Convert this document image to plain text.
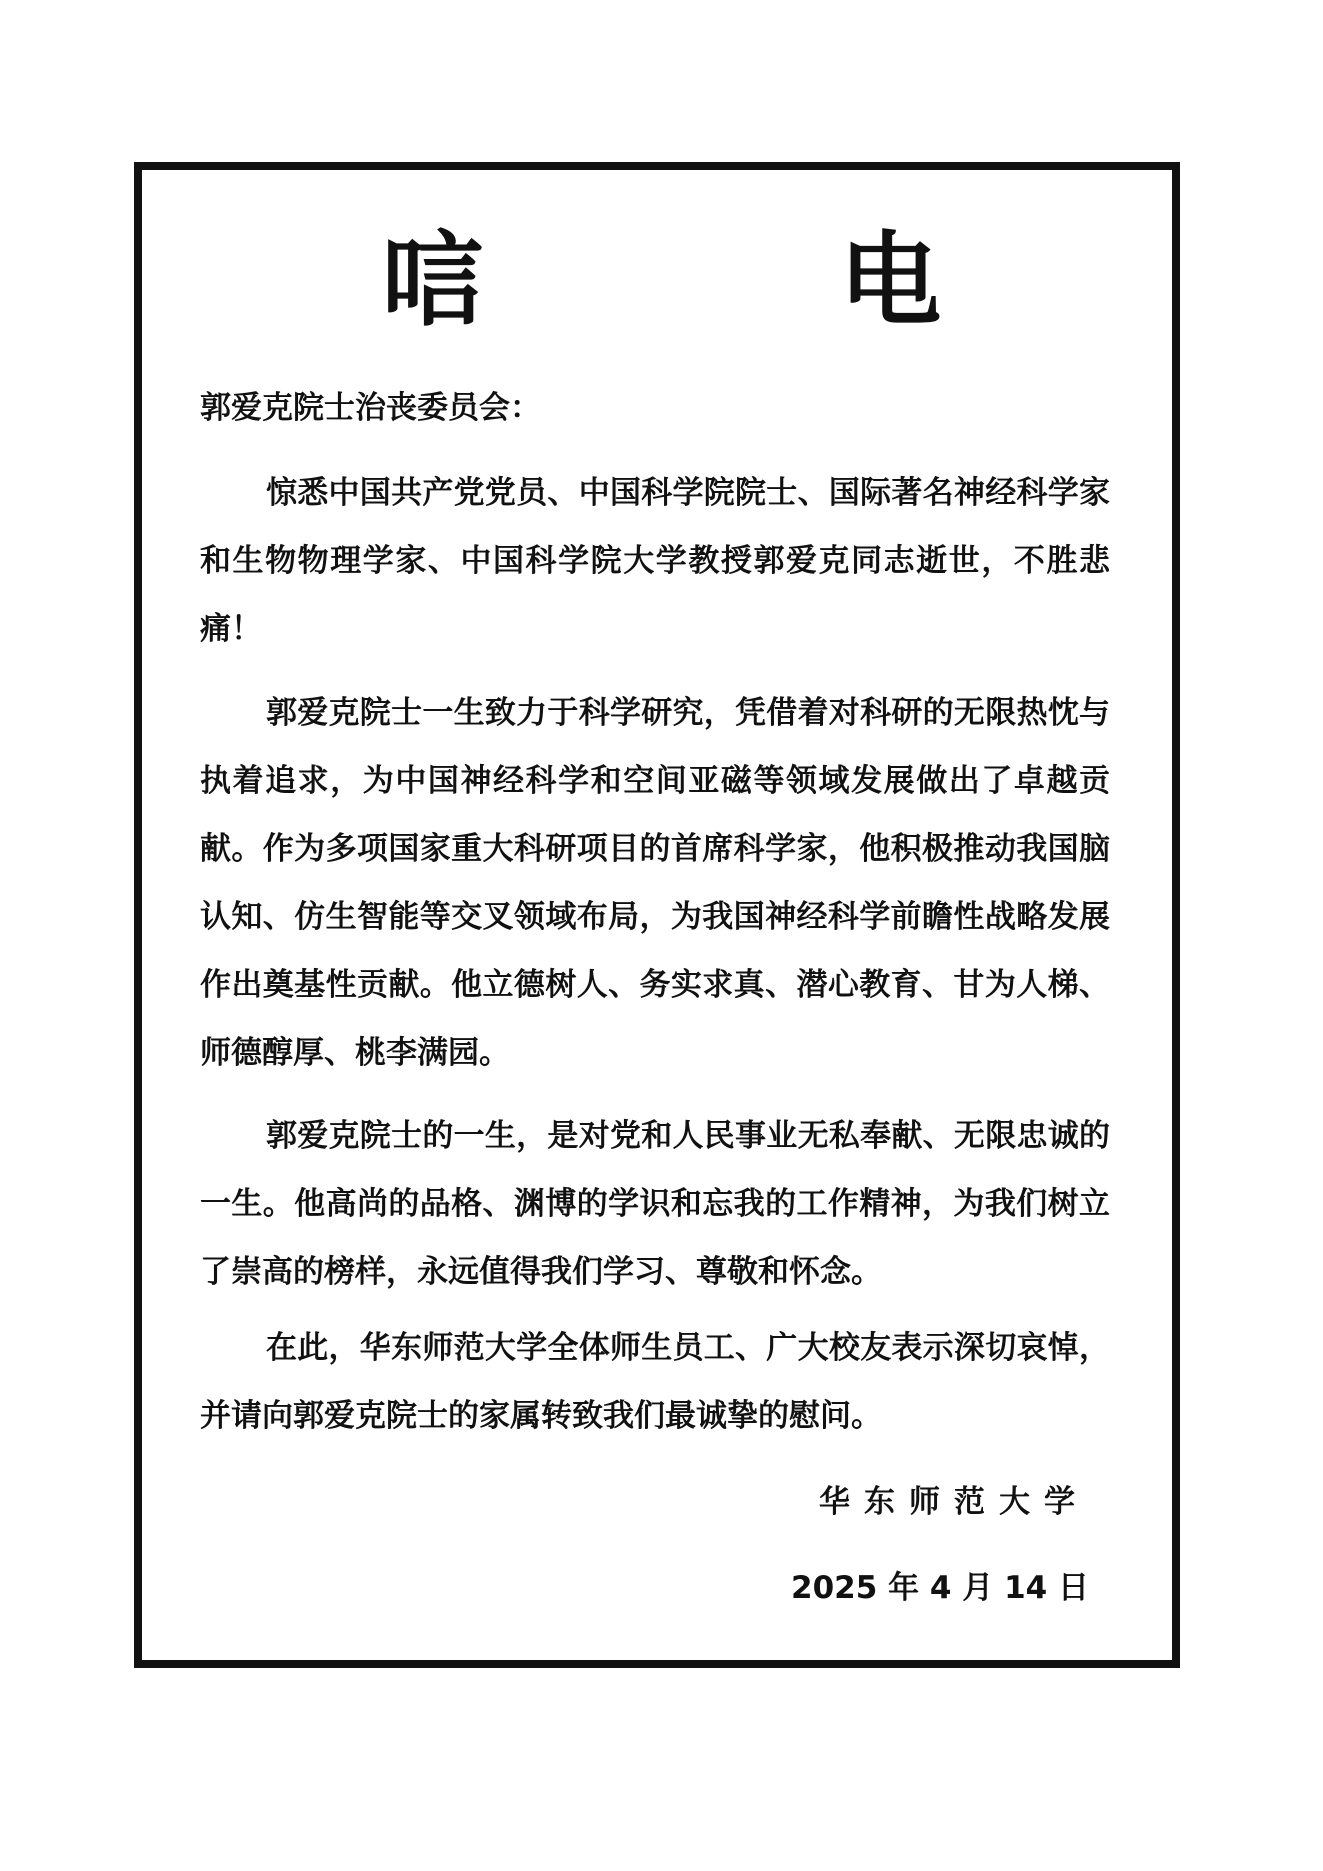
唁 电

郭爱克院士治丧委员会：

惊悉中国共产党党员、中国科学院院士、国际著名神经科学家和生物物理学家、中国科学院大学教授郭爱克同志逝世，不胜悲痛！

郭爱克院士一生致力于科学研究，凭借着对科研的无限热忱与执着追求，为中国神经科学和空间亚磁等领域发展做出了卓越贡献。作为多项国家重大科研项目的首席科学家，他积极推动我国脑认知、仿生智能等交叉领域布局，为我国神经科学前瞻性战略发展作出奠基性贡献。他立德树人、务实求真、潜心教育、甘为人梯、师德醇厚、桃李满园。

郭爱克院士的一生，是对党和人民事业无私奉献、无限忠诚的一生。他高尚的品格、渊博的学识和忘我的工作精神，为我们树立了崇高的榜样，永远值得我们学习、尊敬和怀念。

在此，华东师范大学全体师生员工、广大校友表示深切哀悼，并请向郭爱克院士的家属转致我们最诚挚的慰问。

华东师范大学

2025 年 4 月 14 日
